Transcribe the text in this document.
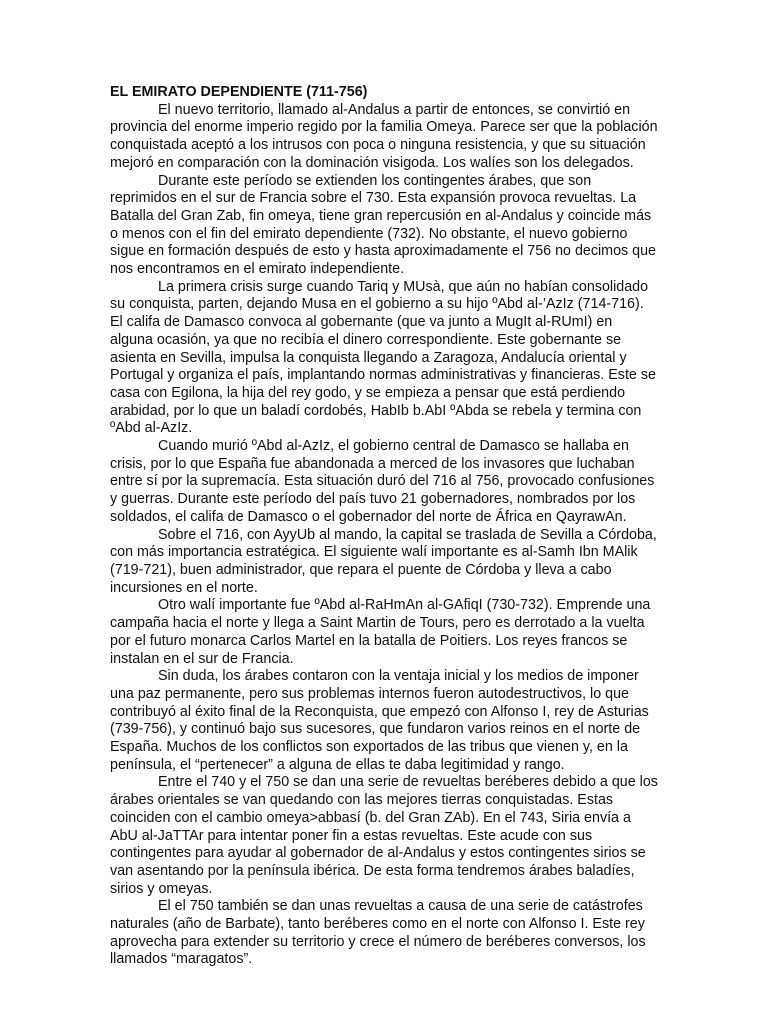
EL EMIRATO DEPENDIENTE (711-756)

El nuevo territorio, llamado al-Andalus a partir de entonces, se convirtió en provincia del enorme imperio regido por la familia Omeya. Parece ser que la población conquistada aceptó a los intrusos con poca o ninguna resistencia, y que su situación mejoró en comparación con la dominación visigoda. Los walíes son los delegados.

Durante este período se extienden los contingentes árabes, que son reprimidos en el sur de Francia sobre el 730. Esta expansión provoca revueltas. La Batalla del Gran Zab, fin omeya, tiene gran repercusión en al-Andalus y coincide más o menos con el fin del emirato dependiente (732). No obstante, el nuevo gobierno sigue en formación después de esto y hasta aproximadamente el 756 no decimos que nos encontramos en el emirato independiente.

La primera crisis surge cuando Tariq y MUsà, que aún no habían consolidado su conquista, parten, dejando Musa en el gobierno a su hijo ºAbd al-’AzIz (714-716). El califa de Damasco convoca al gobernante (que va junto a MugIt al-RUmI) en alguna ocasión, ya que no recibía el dinero correspondiente. Este gobernante se asienta en Sevilla, impulsa la conquista llegando a Zaragoza, Andalucía oriental y Portugal y organiza el país, implantando normas administrativas y financieras. Este se casa con Egilona, la hija del rey godo, y se empieza a pensar que está perdiendo arabidad, por lo que un baladí cordobés, HabIb b.AbI ºAbda se rebela y termina con ºAbd al-AzIz.

Cuando murió ºAbd al-AzIz, el gobierno central de Damasco se hallaba en crisis, por lo que España fue abandonada a merced de los invasores que luchaban entre sí por la supremacía. Esta situación duró del 716 al 756, provocado confusiones y guerras. Durante este período del país tuvo 21 gobernadores, nombrados por los soldados, el califa de Damasco o el gobernador del norte de África en QayrawAn.

Sobre el 716, con AyyUb al mando, la capital se traslada de Sevilla a Córdoba, con más importancia estratégica. El siguiente walí importante es al-Samh Ibn MAlik (719-721), buen administrador, que repara el puente de Córdoba y lleva a cabo incursiones en el norte.

Otro walí importante fue ºAbd al-RaHmAn al-GAfiqI (730-732). Emprende una campaña hacia el norte y llega a Saint Martin de Tours, pero es derrotado a la vuelta por el futuro monarca Carlos Martel en la batalla de Poitiers. Los reyes francos se instalan en el sur de Francia.

Sin duda, los árabes contaron con la ventaja inicial y los medios de imponer una paz permanente, pero sus problemas internos fueron autodestructivos, lo que contribuyó al éxito final de la Reconquista, que empezó con Alfonso I, rey de Asturias (739-756), y continuó bajo sus sucesores, que fundaron varios reinos en el norte de España. Muchos de los conflictos son exportados de las tribus que vienen y, en la península, el “pertenecer” a alguna de ellas te daba legitimidad y rango.

Entre el 740 y el 750 se dan una serie de revueltas beréberes debido a que los árabes orientales se van quedando con las mejores tierras conquistadas. Estas coinciden con el cambio omeya>abbasí (b. del Gran ZAb). En el 743, Siria envía a AbU al-JaTTAr para intentar poner fin a estas revueltas. Este acude con sus contingentes para ayudar al gobernador de al-Andalus y estos contingentes sirios se van asentando por la península ibérica. De esta forma tendremos árabes baladíes, sirios y omeyas.

El el 750 también se dan unas revueltas a causa de una serie de catástrofes naturales (año de Barbate), tanto beréberes como en el norte con Alfonso I. Este rey aprovecha para extender su territorio y crece el número de beréberes conversos, los llamados “maragatos”.
